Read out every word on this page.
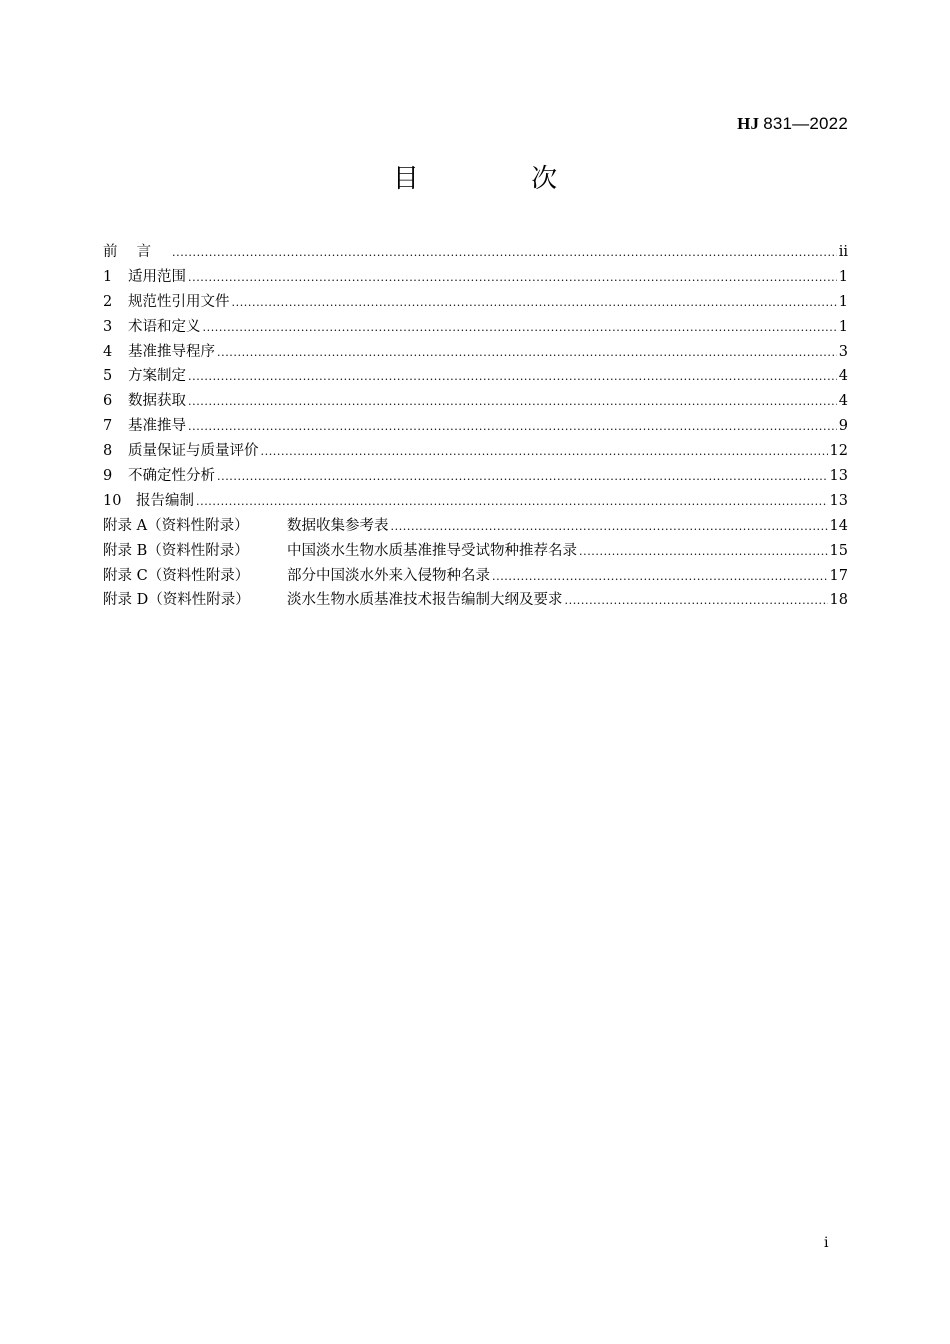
HJ 831—2022
目 次
前言 .....	ii
1	适用范围 .....	1
2	规范性引用文件 .....	1
3	术语和定义 .....	1
4	基准推导程序 .....	3
5	方案制定 .....	4
6	数据获取 .....	4
7	基准推导 .....	9
8	质量保证与质量评价 .....	12
9	不确定性分析 .....	13
10	报告编制 .....	13
附录 A（资料性附录）	数据收集参考表 .....	14
附录 B（资料性附录）	中国淡水生物水质基准推导受试物种推荐名录 .....	15
附录 C（资料性附录）	部分中国淡水外来入侵物种名录 .....	17
附录 D（资料性附录）	淡水生物水质基准技术报告编制大纲及要求 .....	18
i
